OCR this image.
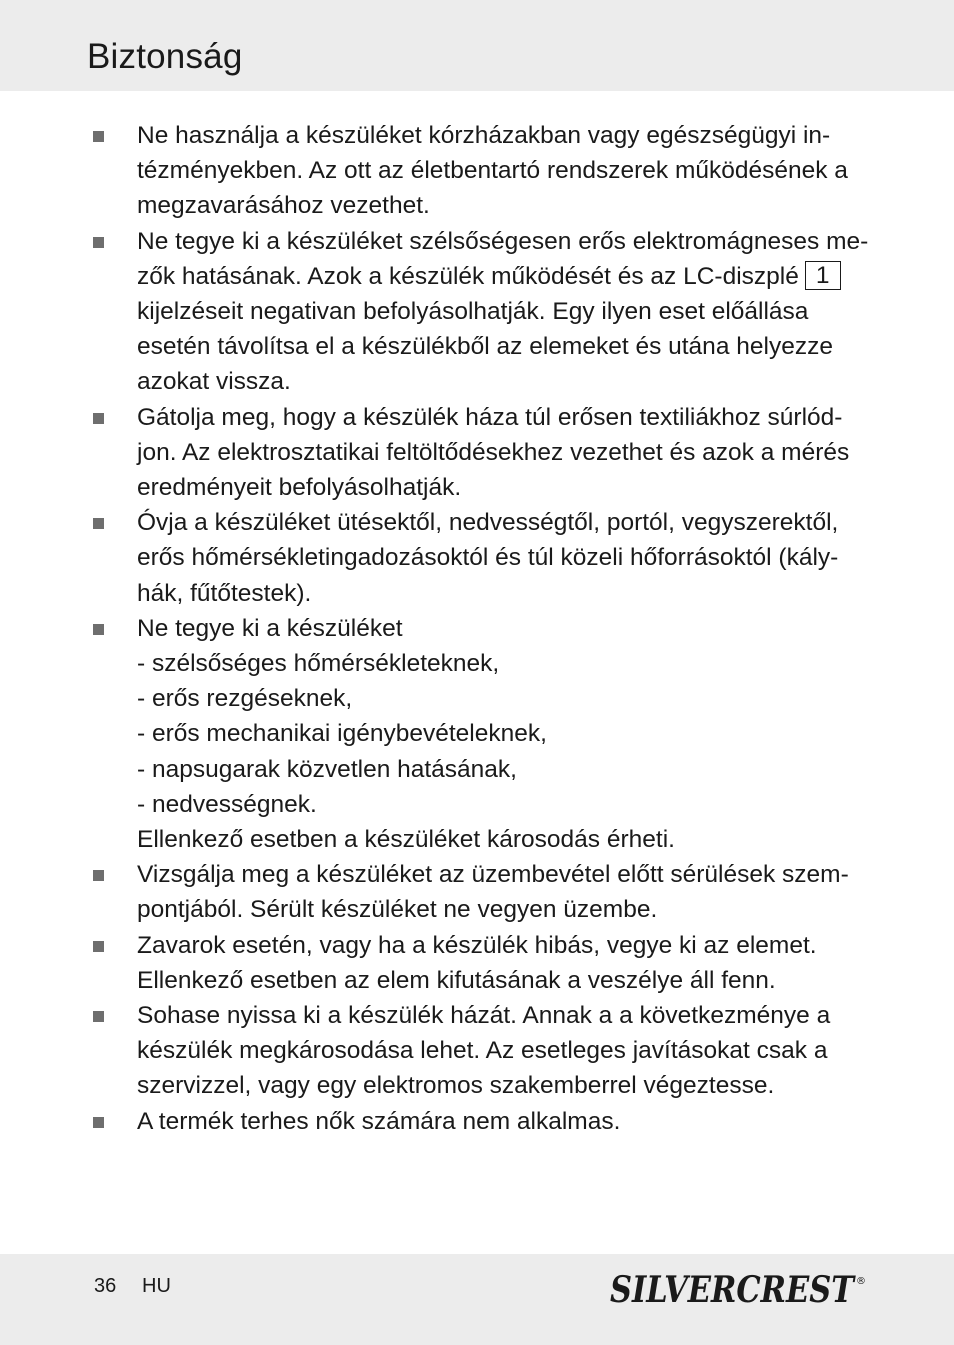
Biztonság
Ne használja a készüléket kórzházakban vagy egészségügyi in-
tézményekben. Az ott az életbentartó rendszerek működésének a
megzavarásához vezethet.
Ne tegye ki a készüléket szélsőségesen erős elektromágneses me-
zők hatásának. Azok a készülék működését és az LC-diszplé 1
kijelzéseit negativan befolyásolhatják. Egy ilyen eset előállása
esetén távolítsa el a készülékből az elemeket és utána helyezze
azokat vissza.
Gátolja meg, hogy a készülék háza túl erősen textiliákhoz súrlód-
jon. Az elektrosztatikai feltöltődésekhez vezethet és azok a mérés
eredményeit befolyásolhatják.
Óvja a készüléket ütésektől, nedvességtől, portól, vegyszerektől,
erős hőmérsékletingadozásoktól és túl közeli hőforrásoktól (kály-
hák, fűtőtestek).
Ne tegye ki a készüléket
- szélsőséges hőmérsékleteknek,
- erős rezgéseknek,
- erős mechanikai igénybevételeknek,
- napsugarak közvetlen hatásának,
- nedvességnek.
Ellenkező esetben a készüléket károsodás érheti.
Vizsgálja meg a készüléket az üzembevétel előtt sérülések szem-
pontjából. Sérült készüléket ne vegyen üzembe.
Zavarok esetén, vagy ha a készülék hibás, vegye ki az elemet.
Ellenkező esetben az elem kifutásának a veszélye áll fenn.
Sohase nyissa ki a készülék házát. Annak a a következménye a
készülék megkárosodása lehet. Az esetleges javításokat csak a
szervizzel, vagy egy elektromos szakemberrel végeztesse.
A termék terhes nők számára nem alkalmas.
36 HU	SILVERCREST ®
